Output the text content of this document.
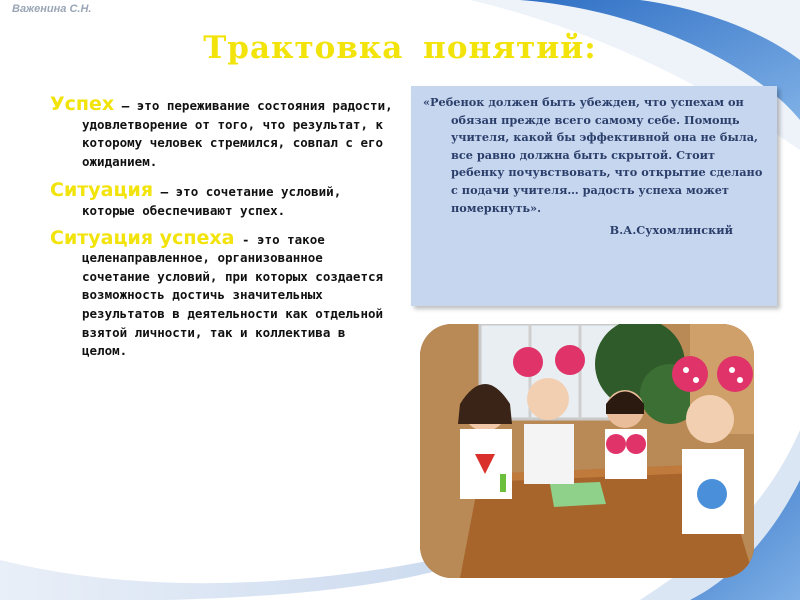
Важенина С.Н.
Трактовка понятий:
Успех — это переживание состояния радости, удовлетворение от того, что результат, к которому человек стремился, совпал с его ожиданием.
Ситуация — это сочетание условий, которые обеспечивают успех.
Ситуация успеха - это такое целенаправленное, организованное сочетание условий, при которых создается возможность достичь значительных результатов в деятельности как отдельной взятой личности, так и коллектива в целом.
«Ребенок должен быть убежден, что успехам он обязан прежде всего самому себе. Помощь учителя, какой бы эффективной она не была, все равно должна быть скрытой. Стоит ребенку почувствовать, что открытие сделано с подачи учителя… радость успеха может померкнуть».
В.А.Сухомлинский
